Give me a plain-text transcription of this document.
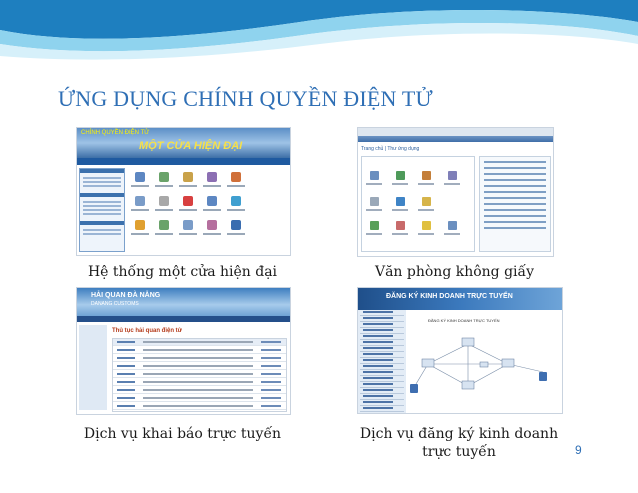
ỨNG DỤNG CHÍNH QUYỀN ĐIỆN TỬ
CHÍNH QUYỀN ĐIỆN TỬ
MỘT CỬA HIỆN ĐẠI
Hệ thống một cửa hiện đại
Trang chủ | Thư ứng dụng
Văn phòng không giấy
HẢI QUAN ĐÀ NẴNG
DANANG CUSTOMS
Thủ tục hải quan điện tử
Dịch vụ khai báo trực tuyến
ĐĂNG KÝ KINH DOANH TRỰC TUYẾN
ĐĂNG KÝ KINH DOANH TRỰC TUYẾN
Dịch vụ đăng ký kinh doanh
trực tuyến	9
